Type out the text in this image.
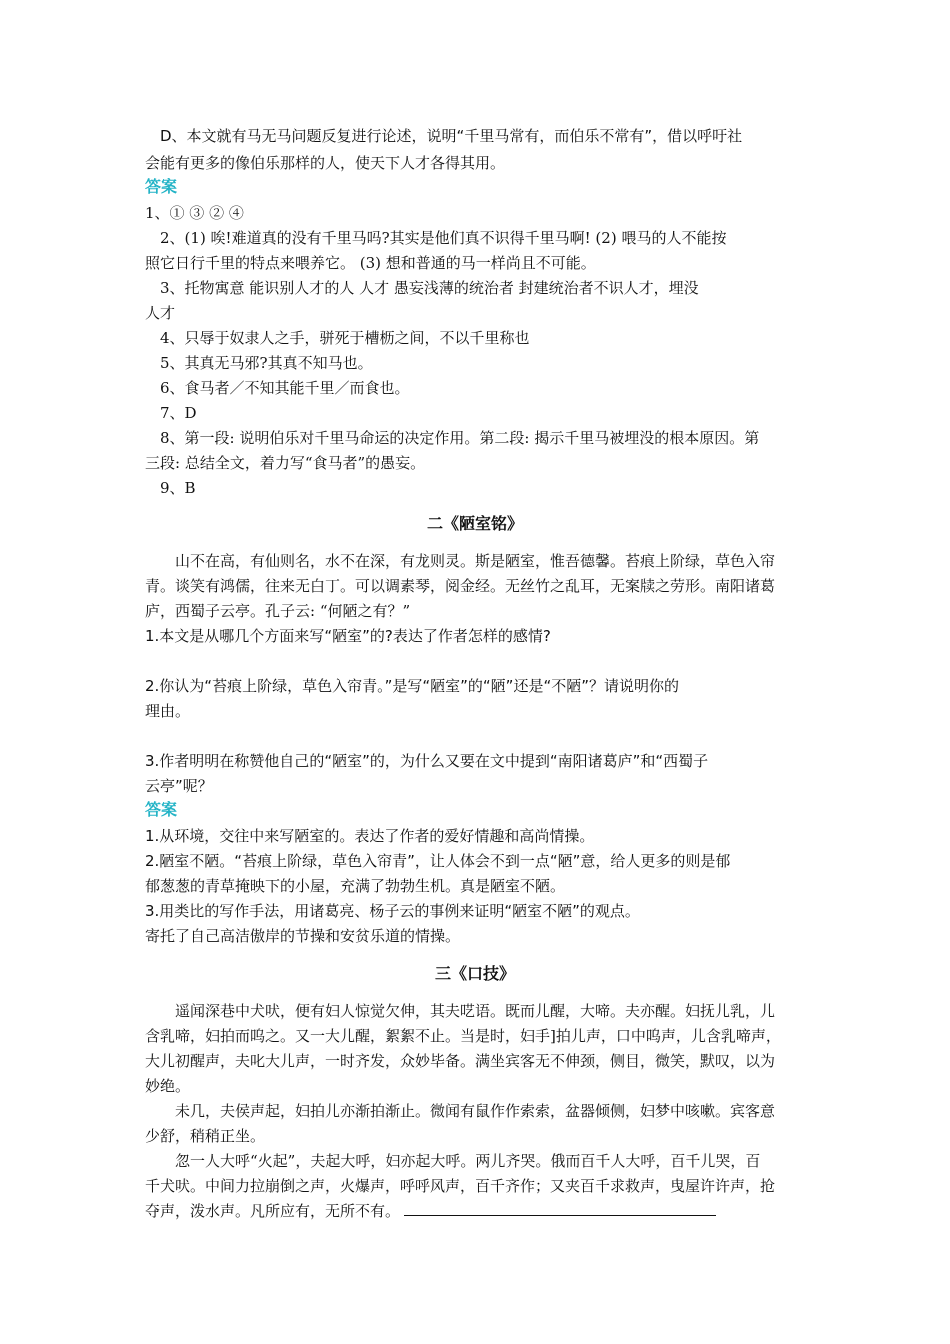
D、本文就有马无马问题反复进行论述，说明“千里马常有，而伯乐不常有”，借以呼吁社
会能有更多的像伯乐那样的人，使天下人才各得其用。
答案
1、① ③ ② ④
2、(1) 唉!难道真的没有千里马吗?其实是他们真不识得千里马啊! (2) 喂马的人不能按
照它日行千里的特点来喂养它。 (3) 想和普通的马一样尚且不可能。
3、托物寓意 能识别人才的人 人才 愚妄浅薄的统治者 封建统治者不识人才，埋没
人才
4、只辱于奴隶人之手，骈死于槽枥之间，不以千里称也
5、其真无马邪?其真不知马也。
6、食马者／不知其能千里／而食也。
7、D
8、第一段: 说明伯乐对千里马命运的决定作用。第二段: 揭示千里马被埋没的根本原因。第
三段: 总结全文，着力写“食马者”的愚妄。
9、B
二《陋室铭》
山不在高，有仙则名，水不在深，有龙则灵。斯是陋室，惟吾德馨。苔痕上阶绿，草色入帘
青。谈笑有鸿儒，往来无白丁。可以调素琴，阅金经。无丝竹之乱耳，无案牍之劳形。南阳诸葛
庐，西蜀子云亭。孔子云: “何陋之有？”
1.本文是从哪几个方面来写“陋室”的?表达了作者怎样的感情?
2.你认为“苔痕上阶绿，草色入帘青。”是写“陋室”的“陋”还是“不陋”？请说明你的
理由。
3.作者明明在称赞他自己的“陋室”的，为什么又要在文中提到“南阳诸葛庐”和“西蜀子
云亭”呢？
答案
1.从环境，交往中来写陋室的。表达了作者的爱好情趣和高尚情操。
2.陋室不陋。“苔痕上阶绿，草色入帘青”，让人体会不到一点“陋”意，给人更多的则是郁
郁葱葱的青草掩映下的小屋，充满了勃勃生机。真是陋室不陋。
3.用类比的写作手法，用诸葛亮、杨子云的事例来证明“陋室不陋”的观点。
寄托了自己高洁傲岸的节操和安贫乐道的情操。
三《口技》
遥闻深巷中犬吠，便有妇人惊觉欠伸，其夫呓语。既而儿醒，大啼。夫亦醒。妇抚儿乳，儿
含乳啼，妇拍而呜之。又一大儿醒，絮絮不止。当是时，妇手]拍儿声，口中呜声，儿含乳啼声，
大儿初醒声，夫叱大儿声，一时齐发，众妙毕备。满坐宾客无不伸颈，侧目，微笑，默叹，以为
妙绝。
未几，夫侯声起，妇拍儿亦渐拍渐止。微闻有鼠作作索索，盆器倾侧，妇梦中咳嗽。宾客意
少舒，稍稍正坐。
忽一人大呼“火起”，夫起大呼，妇亦起大呼。两儿齐哭。俄而百千人大呼，百千儿哭，百
千犬吠。中间力拉崩倒之声，火爆声，呼呼风声，百千齐作；又夹百千求救声，曳屋许许声，抢
夺声，泼水声。凡所应有，无所不有。
